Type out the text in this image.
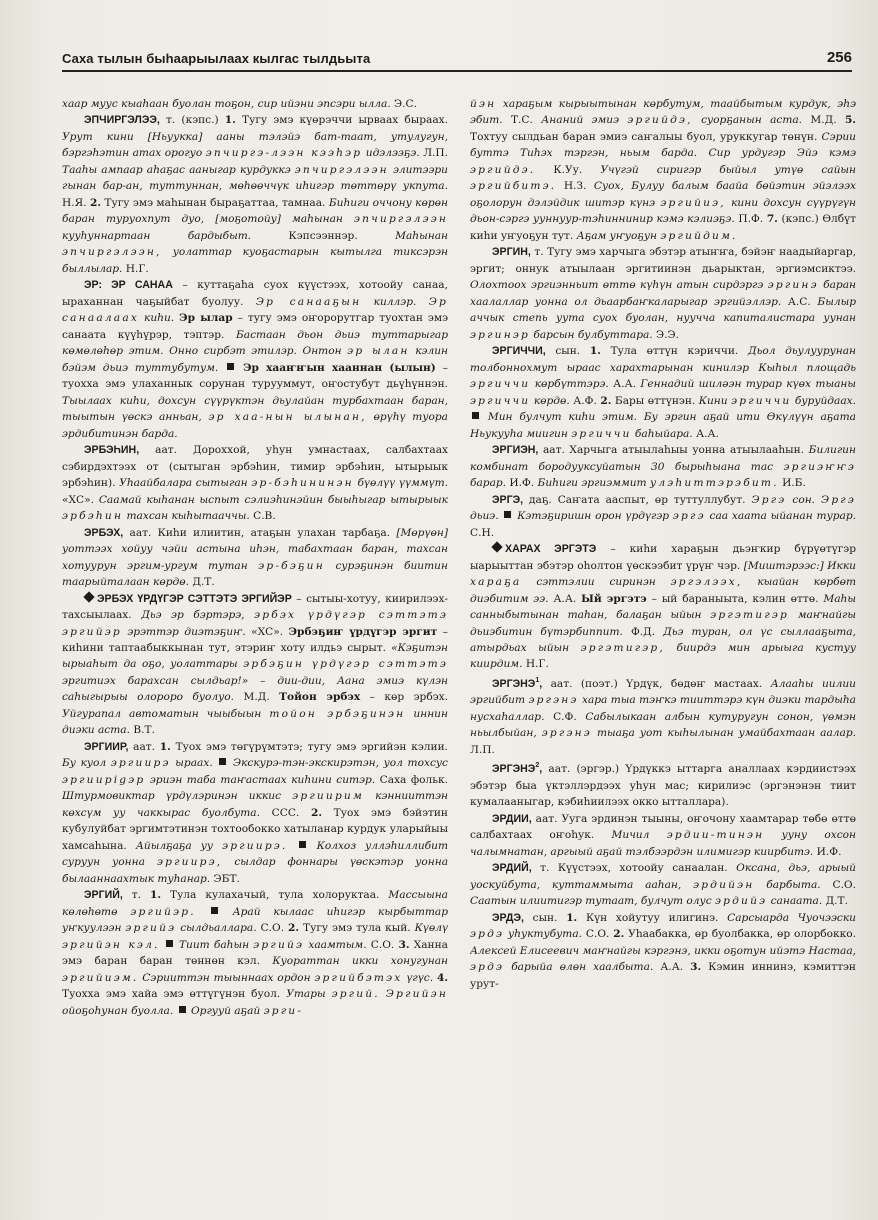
Саха тылын быһаарыылаах кылгас тылдьыта	256

хаар муус кыаһаан буолан тоҕон, сир ийэни эпсэри ыллa. Э.С.

ЭПЧИРГЭЛЭЭ, т. (кэпс.) 1. Тугу эмэ күөрэччи ырваах быраах. Урут кини [Ньуукка] ааны тэлэйэ бат-таат, утулугун, бэргэһэтин атах орогуо эпчиргэ-лээн кээһэр идэлээҕэ. Л.П. Тааһы ампаар аһаҕас ааныгар курдуккэ эпчиргэлээн элитээри гынан бар-ан, туттуннан, мөһөөччүк иһигэр төттөрү укпута. Н.Я. 2. Тугу эмэ маһынан быраҕаттаа, тамнаа. Биһиги оччону көрөн баран туруохпут дуо, [моҕотойу] маһынан эпчиргэлээн кууһуннартаан бардыбыт. Кэпсээннэр. Маһынан эпчиргэлээн, уолаттар куоҕастарын кытылга тиксэрэн быллылар. Н.Г.

ЭР: ЭР САНАА – куттаҕаһа суох күүстээх, хотоойу санаа, ыраханнан чаҕыйбат буолуу. Эр санааҕын киллэр. Эр санаалаах киһи. Эр ылар – тугу эмэ оҥорорутгар туохтан эмэ санаата күүһүрэр, тэптэр. Бастаан дьон дьиэ туттарыгар көмөлөһөр этим. Онно сирбэт этилэр. Онтон эр ылан кэлин бэйэм дьиэ туттубутум. Эр хааҥҥын хааннан (ылын) – туохха эмэ улаханнык сорунан турууммут, оҥостубут дьүһүннэн. Тыылаах киһи, дохсун сүүрүктэн дьулайан турбахтаан баран, тыытын үөскэ анньан, эр хаа-нын ылынан, өрүһү туора эрдибитинэн барда.

ЭРБЭҺИН, аат. Дороххой, уһун умнастаах, салбахтаах сэбирдэхтээх от (сытыган эрбэһин, тимир эрбэһин, ытырыык эрбэһин). Уһаайбалара сытыган эр-бэһининэн бүөлүү үүммүт. «ХС». Саамай кыһанан ыспыт сэлиэһинэйин быыһыгар ытырыык эрбэһин тахсан кыһытааччы. С.В.

ЭРБЭХ, аат. Киһи илиитин, атаҕын улахан тарбаҕа. [Мөрүөн] уоттээх хойуу чэйи астына иһэн, табахтаан баран, тахсан хотуурун эргим-ургум тутан эр-бэҕин сурэҕинэн биитин таарыйталаан көрдө. Д.Т.

ЭРБЭХ ҮРДҮГЭР СЭТТЭТЭ ЭРГИЙЭР – сытыы-хотуу, киирилээх-тахсыылаах. Дьэ эр бэртэрэ, эрбэх үрдүгэр сэттэтэ эргийэр эрэттэр диэтэҕиҥ. «ХС». Эрбэҕиҥ үрдүгэр эргит – киһини таптаабыккынан тут, этэриҥ хоту илдьэ сырыт. «Кэҕитэн ырыаһыт да оҕо, уолаттары эрбэҕин үрдүгэр сэттэтэ эргитиэх барахсан сылдьар!» – дии-дии, Аана эмиэ күлэн саһыгырыы олороро буолуо. М.Д. Тойон эрбэх – көр эрбэх. Уйгурапал автоматын чыыбыын тойон эрбэҕинэн иннин диэки аста. В.Т.

ЭРГИИР, аат. 1. Туох эмэ төгүрүмтэтэ; тугу эмэ эргийэн кэлии. Бу куол эргиирэ ыраах. Экскурэ-тэн-экскирэтэн, уол тохсус эргиирigэр эриэн таба таҥастаах киһини ситэр. Саха фольк. Штурмовиктар үрдүлэринэн иккис эргиирим кэннииттэн көхсүм уу чаккырас буолбута. ССС. 2. Туох эмэ бэйэтин кубулуйбат эргимтэтинэн тохтообокко хатыланар курдук уларыйыы хамсаһына. Айылҕаҕа уу эргиирэ.	Колхоз уллэһиллибит суруун уонна эргиирэ, сылдар фоннары үөскэтэр уонна былааннаахтык туһанар. ЭБТ.

ЭРГИЙ, т. 1. Тула кулахачый, тула холоруктаа. Массыына көлөһөтө эргийэр.	Арай кылаас иһигэр кырбыттар уҥкуулээн эргийэ сылдьаллара. С.О. 2. Тугу эмэ тула кый. Күөлү эргийэн кэл. Тиит баһын эргийэ хаамтым. С.О. 3. Ханна эмэ баран баран төннөн кэл. Куораттан икки хонугунан эргийиэм. Сэрииттэн тыыннаах ордон эргийбэтэх үгүс. 4. Туоххa эмэ хайа эмэ өттүгүнэн буол. Утары эргий. Эргийэн ойоҕоһунан буолла. Оргууй аҕай эрги-

йэн хараҕым кырыытынан көрбутум, таайбытым курдук, эһэ эбит. Т.С. Ананий эмиэ эргийдэ, суорҕанын аста. М.Д. 5. Тохтуу сылдьан баран эмиэ саҥалыы буол, уруккугар төнүн. Сэрии буттэ Тиһэх тэргэн, ньым барда. Сир урдугэр Эйэ кэмэ эргийдэ. К.Уу. Учүгэй сиригэр быйыл утүө сайын эргийбитэ. Н.З. Суох, Булуу балым баайа бөйэтин эйэлээх оҕолорун дэлэйдик шитэр күнэ эргийиэ, кини дохсун сүүрүгүн дьон-сэргэ ууннуур-тэһиннинир кэмэ кэлиэҕэ. П.Ф. 7. (кэпс.) Өлбүт киһи уҥуоҕун тут. Аҕам уҥуоҕун эргийдим.

ЭРГИН, т. Тугу эмэ харчыга эбэтэр атыҥҥа, бэйэҥ наадыйаргар, эргит; оннук атыылаан эргитиинэн дьарыктан, эргиэмсиктээ. Олохтоох эргиэнньит өттө күһүн атын сирдэргэ эргинэ баран хаалаллар уонна ол дьаарбаҥкаларыгар эргийэллэр. А.С. Былыр аччык степь уута суох буолан, нууччa капиталистара уунан эргинэр барсын булбуттара. Э.Э.

ЭРГИЧЧИ, сын. 1. Тула өттүн кэриччи. Дьол дьулуурунан толбоннохмут ыраас харахтарынан кинилэр Кыһыл площадь эргиччи көрбүттэрэ. А.А. Геннадий шиләэн турар күөх тыаны эргиччи көрдө. А.Ф. 2. Бары өттүнэн. Кини эргиччи буруйдаах.  Мин булчут киһи этим. Бу эргин аҕай ити Өкүлүүн аҕата Ньукууһа миигин эргиччи баһыйара. А.А.

ЭРГИЭН, аат. Харчыга атыылаһыы уонна атыылааһын. Билигин комбинат бородууксуйатын 30 бырыһыана тас эргиэҥҥэ барар. И.Ф. Биһиги эргиэммит улэһиттэрэбит. И.Б.

ЭРГЭ, даҕ. Саҥата аaспыт, өр туттуллубут. Эргэ сон. Эргэ дьиэ. Кэтэҕиришн орон үрдүгэр эргэ саа хаата ыйанан турар. С.Н.

ХАРАХ ЭРГЭТЭ – киһи хараҕын дьэҥкир бүрүөтүгэр ыарыыттан эбэтэр оһолтон үөскээбит үрүҥ чэр. [Миштэрээс:] Икки хараҕа сэттэлии сиринэн эргэлээх, кыайан көрбөт диэбитим ээ. А.А. Ый эргэтэ – ый бараныыта, кэлин өттө. Маһы санныбытынан таһан, балаҕан ыйын эргэтигэр маҥнайгы дьиэбитин бүтэрбиппит. Ф.Д. Дьэ туран, ол үс сыллааҕыта, атырдьах ыйын эргэтигэр, биирдэ мин арыыга кустуу киирдим. Н.Г.

ЭРГЭНЭ$^1$, аат. (поэт.) Үрдүк, бөдөҥ мастаах. Алааһы иилии эргийбит эргэнэ хара тыа тэҥкэ тииттэрэ күн диэки тардыһа нусхаһаллар. С.Ф. Сабылыкаан албын кутуругун сонон, үөмэн ньылбыйан, эргэнэ тыаҕа уот кыһылынан умайбахтаан аалар. Л.П.

ЭРГЭНЭ$^2$, аат. (эргэр.) Үрдүккэ ыттарга аналлаах кэрдиистээх эбэтэр быа үктэллэрдээх уһун мас; кирилиэс (эргэнэнэн тиит кумалааныгар, кэбиһиилээх окко ытталлара).

ЭРДИИ, аат. Ууга эрдинэн тыыны, оҥочону хаамтарар төбө өттө салбахтаах оҥоһук. Мичил эрдии-тинэн ууну охсон чалымнатан, аргыый аҕай тэлбээрдэн илимигэр киирбитэ. И.Ф.

ЭРДИЙ, т. Күүстээх, хотоойу санаалан. Оксана, дьэ, арыый уоскуйбута, куттаммыта ааһан, эрдийэн барбыта. С.О. Саатын илиитигэр тутаат, булчут олус эрдийэ санаата. Д.Т.

ЭРДЭ, сын. 1. Күн хойутуу илигинэ. Сарсыарда Чуочээски эрдэ уһуктубута. С.О. 2. Уһаабакка, өр буолбакка, өр олорбокко. Алексей Елисеевич маҥнайгы кэргэнэ, икки оҕотун ийэтэ Настаа, эрдэ барыйа өлөн хаалбыта. А.А. 3. Кэмин иннинэ, кэмиттэн урут-
